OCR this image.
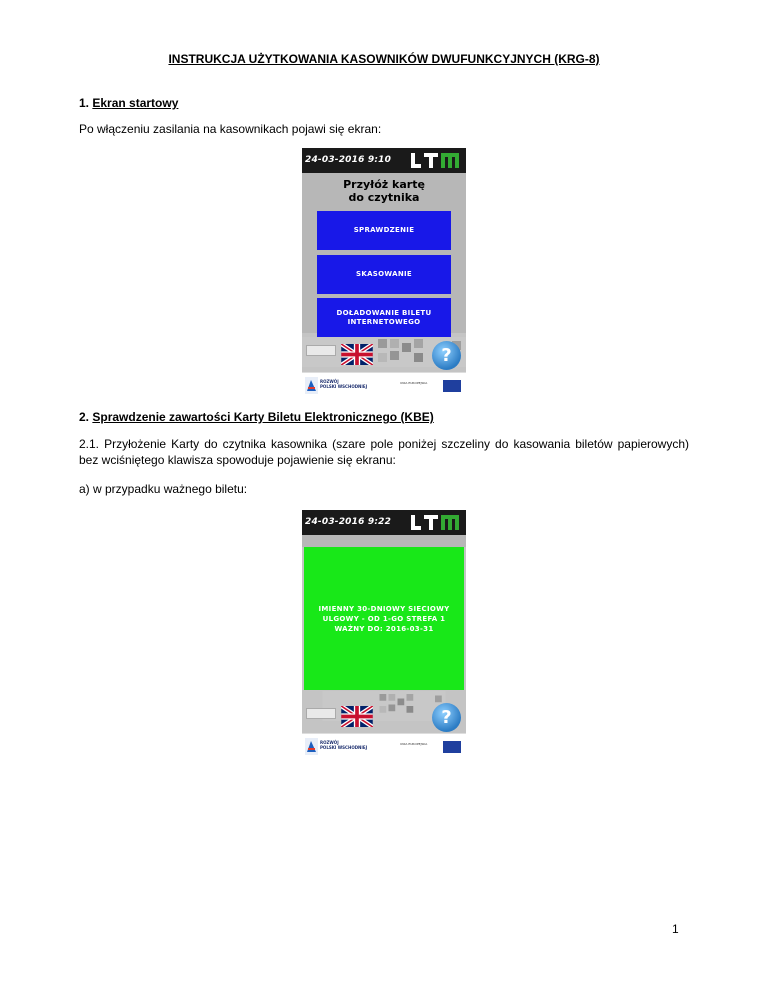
INSTRUKCJA UŻYTKOWANIA KASOWNIKÓW DWUFUNKCYJNYCH (KRG-8)
1. Ekran startowy
Po włączeniu zasilania na kasownikach pojawi się ekran:
24-03-2016 9:10
Przyłóż kartę
do czytnika
SPRAWDZENIE
SKASOWANIE
DOŁADOWANIE BILETU INTERNETOWEGO
?
ROZWÓJ
POLSKI WSCHODNIEJ
UNIA EUROPEJSKA
2. Sprawdzenie zawartości Karty Biletu Elektronicznego (KBE)
2.1. Przyłożenie Karty do czytnika kasownika (szare pole poniżej szczeliny do kasowania biletów papierowych) bez wciśniętego klawisza spowoduje pojawienie się ekranu:
a) w przypadku ważnego biletu:
24-03-2016 9:22
IMIENNY 30-DNIOWY SIECIOWY
ULGOWY - OD 1-GO STREFA 1
WAŻNY DO: 2016-03-31
?
ROZWÓJ
POLSKI WSCHODNIEJ
UNIA EUROPEJSKA
1
